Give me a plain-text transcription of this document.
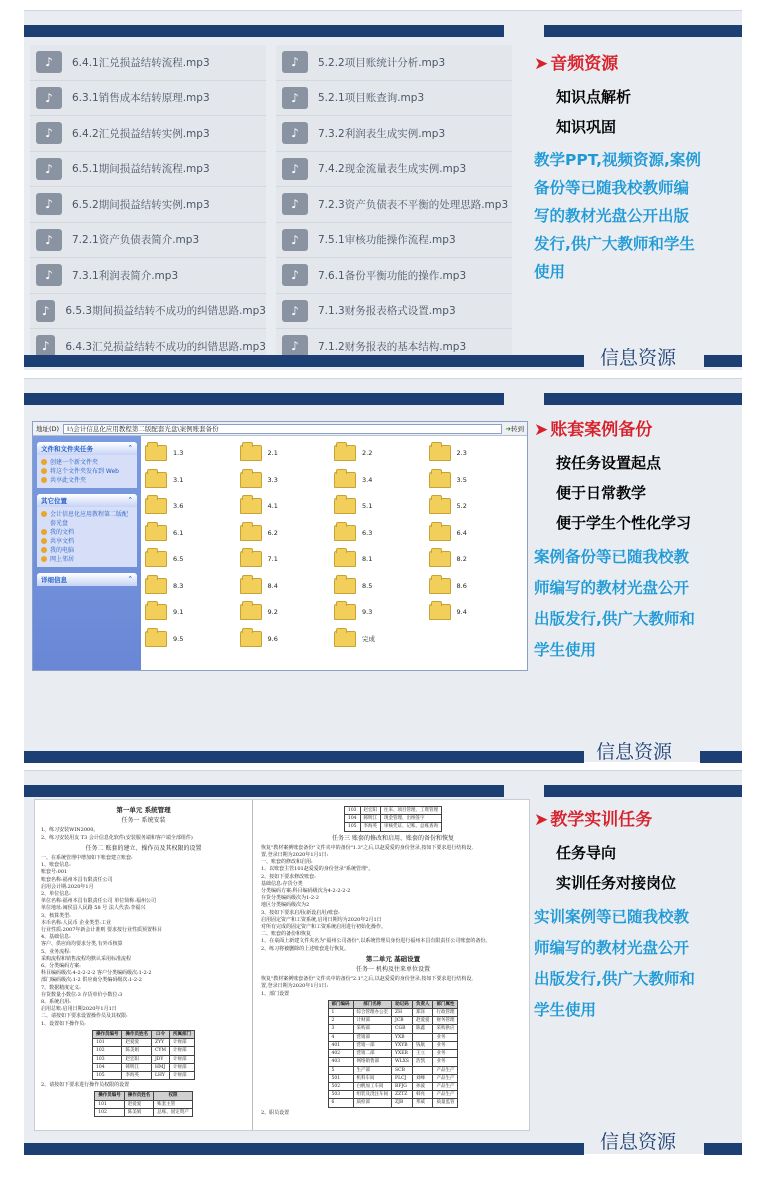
♪	6.4.1汇兑损益结转流程.mp3
♪	6.3.1销售成本结转原理.mp3
♪	6.4.2汇兑损益结转实例.mp3
♪	6.5.1期间损益结转流程.mp3
♪	6.5.2期间损益结转实例.mp3
♪	7.2.1资产负债表简介.mp3
♪	7.3.1利润表简介.mp3
♪	6.5.3期间损益结转不成功的纠错思路.mp3
♪	6.4.3汇兑损益结转不成功的纠错思路.mp3
♪	5.2.2项目账统计分析.mp3
♪	5.2.1项目账查询.mp3
♪	7.3.2利润表生成实例.mp3
♪	7.4.2现金流量表生成实例.mp3
♪	7.2.3资产负债表不平衡的处理思路.mp3
♪	7.5.1审核功能操作流程.mp3
♪	7.6.1备份平衡功能的操作.mp3
♪	7.1.3财务报表格式设置.mp3
♪	7.1.2财务报表的基本结构.mp3
➤ 音频资源
知识点解析
知识巩固
教学PPT,视频资源,案例
备份等已随我校教师编
写的教材光盘公开出版
发行,供广大教师和学生
使用
信息资源
地址(D)	I:\会计信息化应用教程第二版配套光盘\案例账套备份	➔ 转到
文件和文件夹任务	⌃
创建一个新文件夹
将这个文件夹发布到 Web
共享此文件夹
其它位置	⌃
会计信息化应用教程第二版配套光盘
我的文档
共享文档
我的电脑
网上邻居
详细信息	⌃
1.3	2.1	2.2	2.3
3.1	3.3	3.4	3.5
3.6	4.1	5.1	5.2
6.1	6.2	6.3	6.4
6.5	7.1	8.1	8.2
8.3	8.4	8.5	8.6
9.1	9.2	9.3	9.4
9.5	9.6	完成
➤ 账套案例备份
按任务设置起点
便于日常教学
便于学生个性化学习
案例备份等已随我校教
师编写的教材光盘公开
出版发行,供广大教师和
学生使用
信息资源
第一单元 系统管理
任务一 系统安装
1、练习安装WIN2000。
2、练习安装用友 T3 会计信息化软件(安装服务端和客户端全部组件)
任务二 账套的建立、操作员及其权限的设置
一、在系统管理中增加如下账套建立账套:
1、账套信息:
账套号:001
账套名称:福州本昌有限责任公司
启用会计期:2020年1月
2、单位信息:
单位名称:福州本昌有限责任公司 单位简称:福州公司
单位地址:闽侯县人民路 58 号 法人代表:李福兴
3、核算类型:
本币名称:人民币 企业类型:工业
行业性质:2007年新会计准则 要求按行业性质预置科目
4、基础信息:
客户、供应商均要求分类,有外币核算
5、业务流程:
采购流程和销售流程均默认采用标准流程
6、分类编码方案:
科目编码级次:4-2-2-2-2 客户分类编码级次:1-2-2
部门编码级次:1-2 供应商分类编码级次:1-2-2
7、数据精度定义:
存货数量小数位:3 存货单价小数位:3
8、系统启用:
启用总账:启用日期2020年1月1日
二、请按如下要求设置操作员及其权限:
1、设置如下操作员:
操作员编号	操作员姓名	口令	所属部门
101	赵爱爱	ZYY	计财部
102	陈美娟	CYM	计财部
103	赵宏阳	JDY	计财部
104	韩明江	HMJ	计财部
105	李海英	LHY	计财部
2、请按如下要求进行操作员权限的设置
操作员编号	操作员姓名	权限
101	赵爱爱	账套主管
102	陈美娟	总账、固定资产
103	赵宏阳	往来、项目管理、工资管理
104	韩明江	现金管理、出纳签字
105	李海英	审核凭证、记账、总账查询
任务三 账套的修改和启用、账套的备份和恢复
恢复"教材案例账套备份"文件夹中的备份"1.3"之后,以赵爱爱的身份登录,按如下要求进行结构设,
置,登录日期为2020年1月1日:
一、账套的修改和启用:
1、以账套主管101赵爱爱的身份登录"系统管理"。
2、按如下要求修改账套:
基础信息:存货分类
分类编码方案:科目编码级次为4-2-2-2-2
存货分类编码级次为1-2-2
地区分类编码级次为2
3、按如下要求启用(新设启用)账套:
启用固定资产和工资系统,启用日期均为2020年2月1日
对所有完成的固定资产和工资系统启用进行初始化操作。
二、账套的备份和恢复
1、在桌面上新建文件夹名为"福州公司备份",以系统管理员身份进行福州本昌有限责任公司账套的备份。
2、练习将被删除的上述账套进行恢复。
第二单元 基础设置
任务一 机构及往来单位设置
恢复"教材案例账套备份"文件夹中的备份"2.1"之后,以赵爱爱的身份登录,按如下要求进行结构设,
置,登录日期为2020年1月1日:
1、部门设置
部门编码	部门名称	助记码	负责人	部门属性
1	综合管理办公室	ZH	郑泽	行政管理
2	计财部	JCB	赵爱爱	财务管理
3	采购部	CGB	陈鑫	采购供应
4	营销部	YXB		业务
401	营销一部	YXYB	钱航	业务
402	营销二部	YXEB	王立	业务
403	网络销售部	WLXS	浩凯	业务
5	生产部	SCB		产品生产
501	机料车间	PLCJ	刘峰	产品生产
502	白帆加工车间	BFJG	孙波	产品生产
503	组装及浇注车间	ZZTZ	韩亮	产品生产
6	质检部	ZJB	邦威	质量监管
2、职员设置
➤ 教学实训任务
任务导向
实训任务对接岗位
实训案例等已随我校教
师编写的教材光盘公开
出版发行,供广大教师和
学生使用
信息资源
